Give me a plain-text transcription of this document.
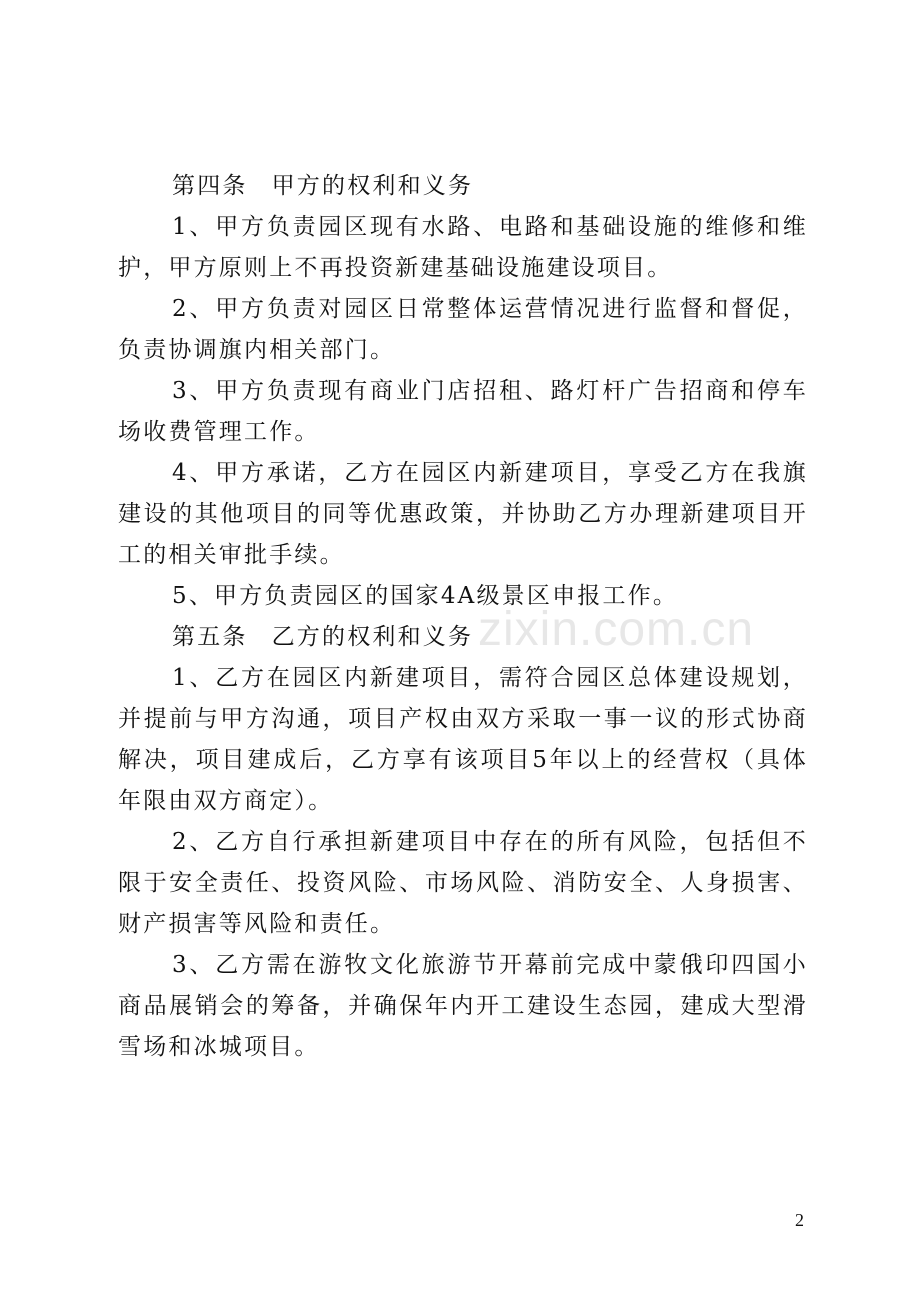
第四条 甲方的权利和义务

1、甲方负责园区现有水路、电路和基础设施的维修和维护，甲方原则上不再投资新建基础设施建设项目。

2、甲方负责对园区日常整体运营情况进行监督和督促，负责协调旗内相关部门。

3、甲方负责现有商业门店招租、路灯杆广告招商和停车场收费管理工作。

4、甲方承诺，乙方在园区内新建项目，享受乙方在我旗建设的其他项目的同等优惠政策，并协助乙方办理新建项目开工的相关审批手续。

5、甲方负责园区的国家4A级景区申报工作。

第五条 乙方的权利和义务

1、乙方在园区内新建项目，需符合园区总体建设规划，并提前与甲方沟通，项目产权由双方采取一事一议的形式协商解决，项目建成后，乙方享有该项目5年以上的经营权（具体年限由双方商定）。

2、乙方自行承担新建项目中存在的所有风险，包括但不限于安全责任、投资风险、市场风险、消防安全、人身损害、财产损害等风险和责任。

3、乙方需在游牧文化旅游节开幕前完成中蒙俄印四国小商品展销会的筹备，并确保年内开工建设生态园，建成大型滑雪场和冰城项目。

zixin.com.cn
2
